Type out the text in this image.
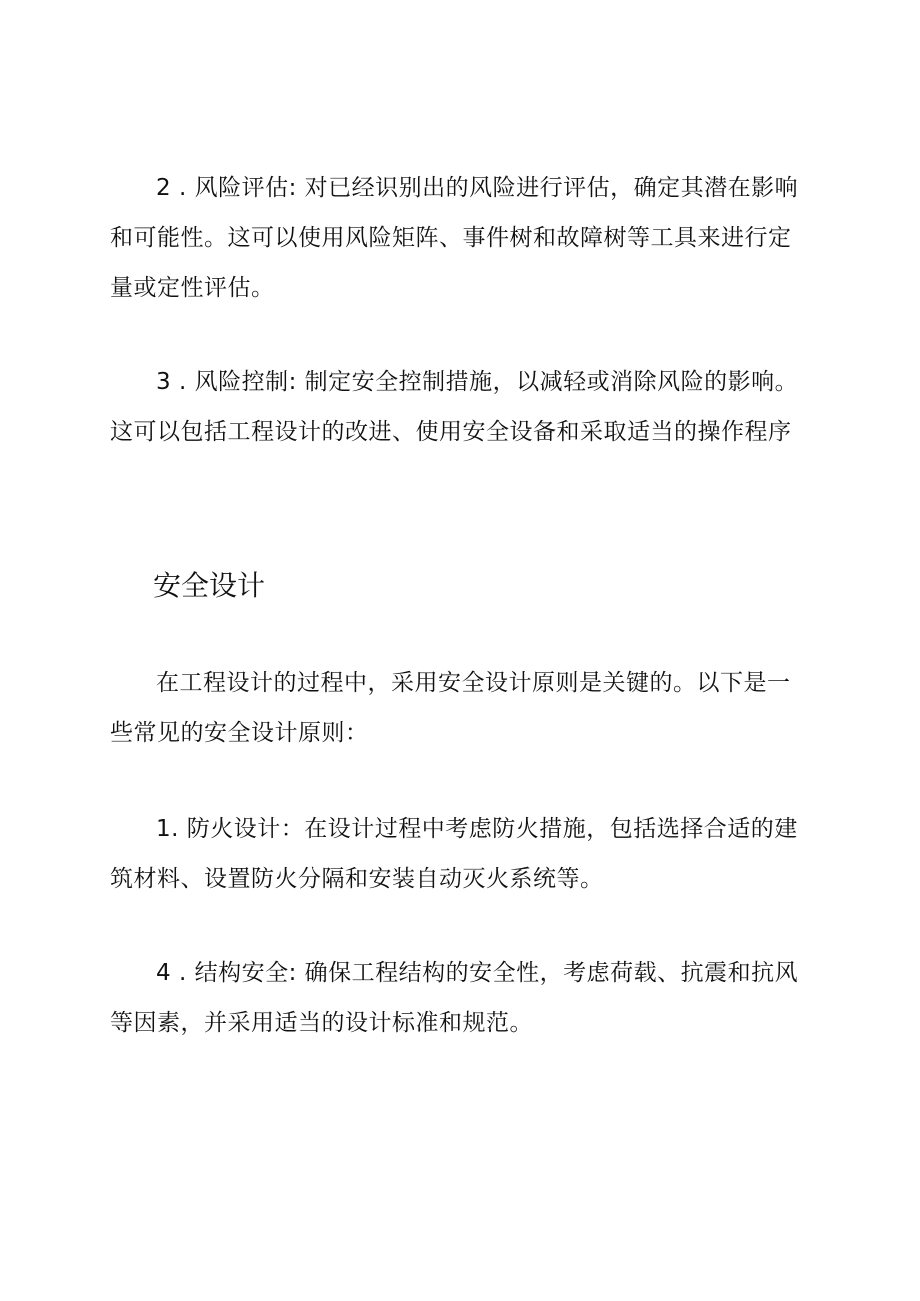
2 . 风险评估: 对已经识别出的风险进行评估，确定其潜在影响和可能性。这可以使用风险矩阵、事件树和故障树等工具来进行定量或定性评估。

3 . 风险控制: 制定安全控制措施，以减轻或消除风险的影响。这可以包括工程设计的改进、使用安全设备和采取适当的操作程序

安全设计

在工程设计的过程中，采用安全设计原则是关键的。以下是一些常见的安全设计原则：

1. 防火设计：在设计过程中考虑防火措施，包括选择合适的建筑材料、设置防火分隔和安装自动灭火系统等。

4 . 结构安全: 确保工程结构的安全性，考虑荷载、抗震和抗风等因素，并采用适当的设计标准和规范。
